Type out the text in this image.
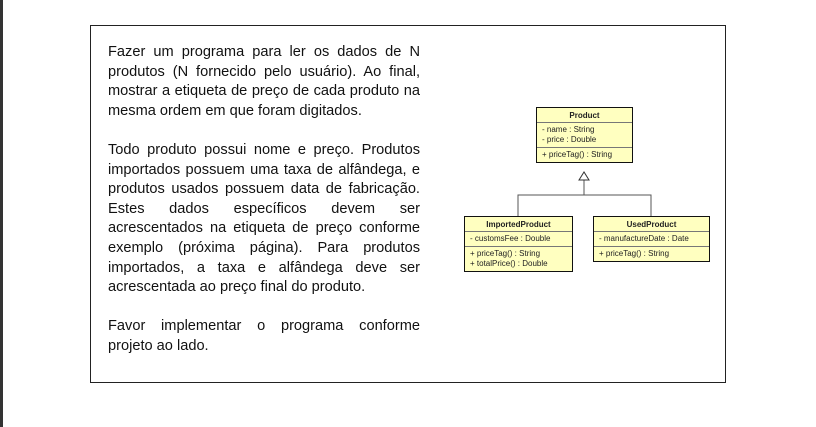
Fazer um programa para ler os dados de N
produtos (N fornecido pelo usuário). Ao final,
mostrar a etiqueta de preço de cada produto na
mesma ordem em que foram digitados.
Todo produto possui nome e preço. Produtos
importados possuem uma taxa de alfândega, e
produtos usados possuem data de fabricação.
Estes dados específicos devem ser
acrescentados na etiqueta de preço conforme
exemplo (próxima página). Para produtos
importados, a taxa e alfândega deve ser
acrescentada ao preço final do produto.
Favor implementar o programa conforme
projeto ao lado.
Product
- name : String
- price : Double
+ priceTag() : String
ImportedProduct
- customsFee : Double
+ priceTag() : String
+ totalPrice() : Double
UsedProduct
- manufactureDate : Date
+ priceTag() : String
